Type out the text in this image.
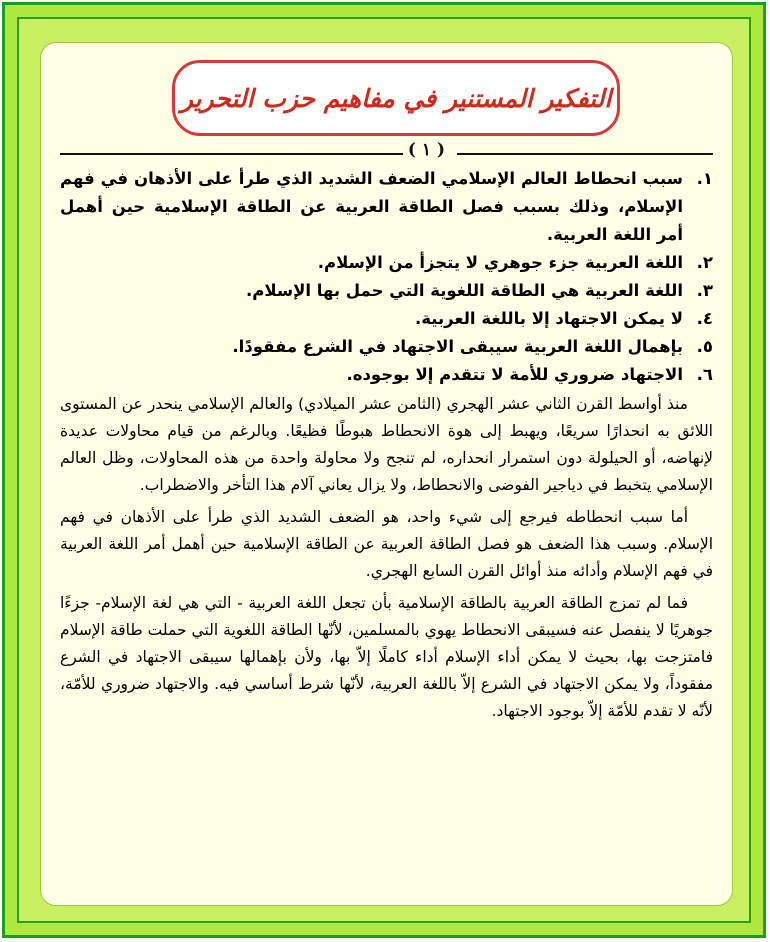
التفكير المستنير في مفاهيم حزب التحرير
( ١ )
١.
سبب انحطاط العالم الإسلامي الضعف الشديد الذي طرأ على الأذهان في فهم الإسلام، وذلك بسبب فصل الطاقة العربية عن الطاقة الإسلامية حين أهمل أمر اللغة العربية.
٢.
اللغة العربية جزء جوهري لا يتجزأ من الإسلام.
٣.
اللغة العربية هي الطاقة اللغوية التي حمل بها الإسلام.
٤.
لا يمكن الاجتهاد إلا باللغة العربية.
٥.
بإهمال اللغة العربية سيبقى الاجتهاد في الشرع مفقودًا.
٦.
الاجتهاد ضروري للأمة لا تتقدم إلا بوجوده.

منذ أواسط القرن الثاني عشر الهجري (الثامن عشر الميلادي) والعالم الإسلامي ينحدر عن المستوى اللائق به انحدارًا سريعًا، ويهبط إلى هوة الانحطاط هبوطًا فظيعًا. وبالرغم من قيام محاولات عديدة لإنهاضه، أو الحيلولة دون استمرار انحداره، لم تنجح ولا محاولة واحدة من هذه المحاولات، وظل العالم الإسلامي يتخبط في دياجير الفوضى والانحطاط، ولا يزال يعاني آلام هذا التأخر والاضطراب.

أما سبب انحطاطه فيرجع إلى شيء واحد، هو الضعف الشديد الذي طرأ على الأذهان في فهم الإسلام. وسبب هذا الضعف هو فصل الطاقة العربية عن الطاقة الإسلامية حين أهمل أمر اللغة العربية في فهم الإسلام وأدائه منذ أوائل القرن السابع الهجري.

فما لم تمزج الطاقة العربية بالطاقة الإسلامية بأن تجعل اللغة العربية - التي هي لغة الإسلام- جزءًا جوهريًا لا ينفصل عنه فسيبقى الانحطاط يهوي بالمسلمين، لأنّها الطاقة اللغوية التي حملت طاقة الإسلام فامتزجت بها، بحيث لا يمكن أداء الإسلام أداء كاملًا إلاّ بها، ولأن بإهمالها سيبقى الاجتهاد في الشرع مفقوداً، ولا يمكن الاجتهاد في الشرع إلاّ باللغة العربية، لأنّها شرط أساسي فيه. والاجتهاد ضروري للأمّة، لأنّه لا تقدم للأمّة إلاّ بوجود الاجتهاد.
